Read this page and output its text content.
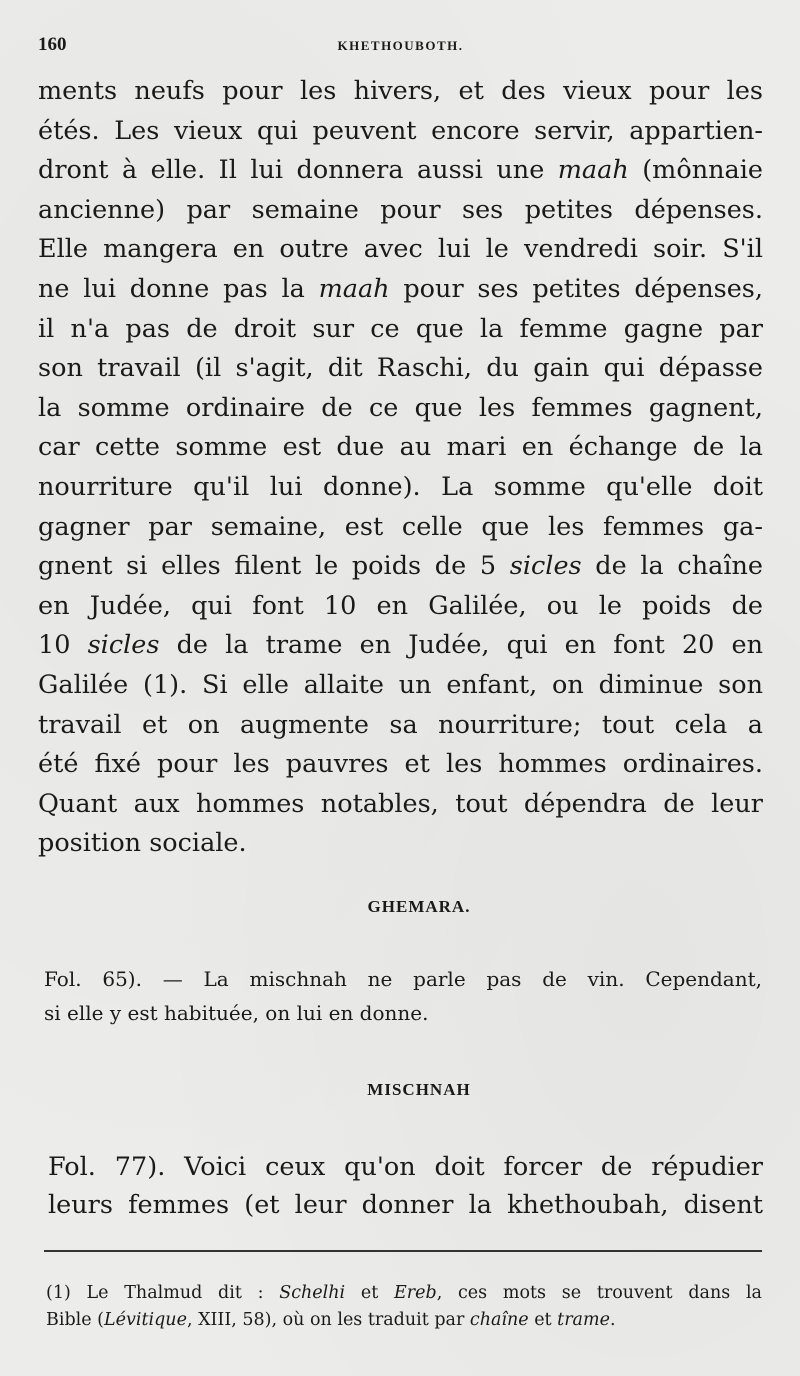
160	KHETHOUBOTH.
ments neufs pour les hivers, et des vieux pour les
étés. Les vieux qui peuvent encore servir, appartien-
dront à elle. Il lui donnera aussi une maah (mônnaie
ancienne) par semaine pour ses petites dépenses.
Elle mangera en outre avec lui le vendredi soir. S'il
ne lui donne pas la maah pour ses petites dépenses,
il n'a pas de droit sur ce que la femme gagne par
son travail (il s'agit, dit Raschi, du gain qui dépasse
la somme ordinaire de ce que les femmes gagnent,
car cette somme est due au mari en échange de la
nourriture qu'il lui donne). La somme qu'elle doit
gagner par semaine, est celle que les femmes ga-
gnent si elles filent le poids de 5 sicles de la chaîne
en Judée, qui font 10 en Galilée, ou le poids de
10 sicles de la trame en Judée, qui en font 20 en
Galilée (1). Si elle allaite un enfant, on diminue son
travail et on augmente sa nourriture; tout cela a
été fixé pour les pauvres et les hommes ordinaires.
Quant aux hommes notables, tout dépendra de leur
position sociale.
GHEMARA.
Fol. 65). — La mischnah ne parle pas de vin. Cependant,
si elle y est habituée, on lui en donne.
MISCHNAH
Fol. 77). Voici ceux qu'on doit forcer de répudier
leurs femmes (et leur donner la khethoubah, disent
(1) Le Thalmud dit : Schelhi et Ereb, ces mots se trouvent dans la
Bible (Lévitique, XIII, 58), où on les traduit par chaîne et trame.
